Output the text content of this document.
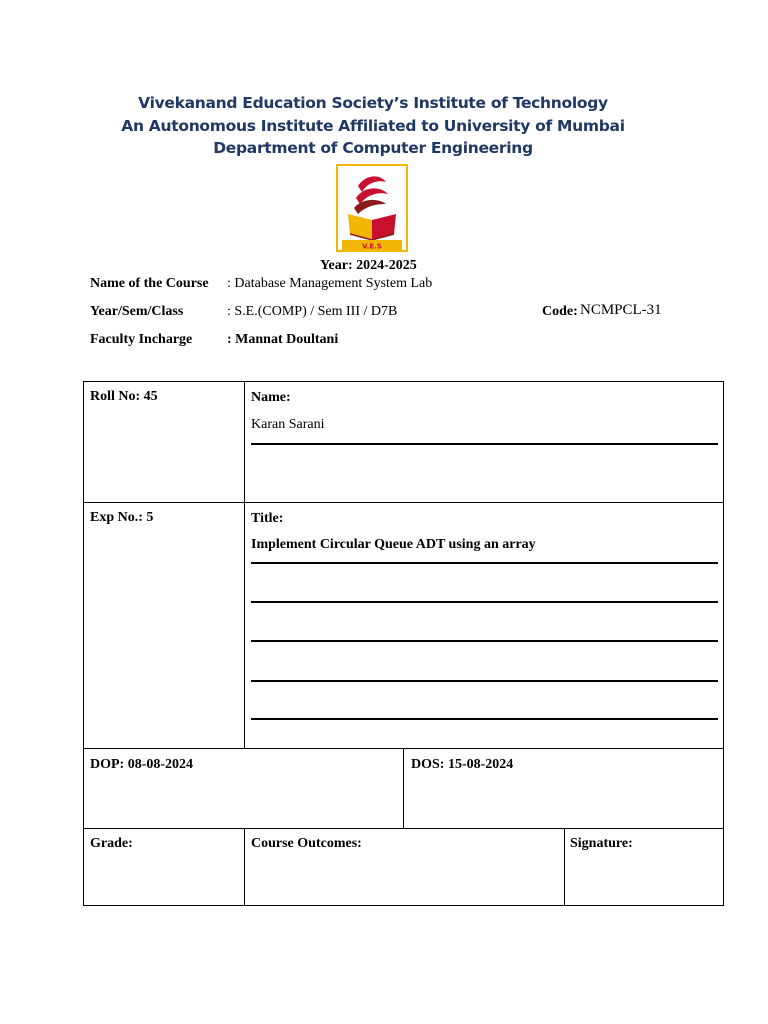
Vivekanand Education Society’s Institute of Technology
An Autonomous Institute Affiliated to University of Mumbai
Department of Computer Engineering
V.E.S
Year: 2024-2025
Name of the Course : Database Management System Lab
Year/Sem/Class	: S.E.(COMP) / Sem III / D7B	Code: NCMPCL-31
Faculty Incharge : Mannat Doultani
Roll No: 45	Name:
Karan Sarani
Exp No.: 5	Title:
Implement Circular Queue ADT using an array
DOP: 08-08-2024	DOS: 15-08-2024
Grade:	Course Outcomes:	Signature:
